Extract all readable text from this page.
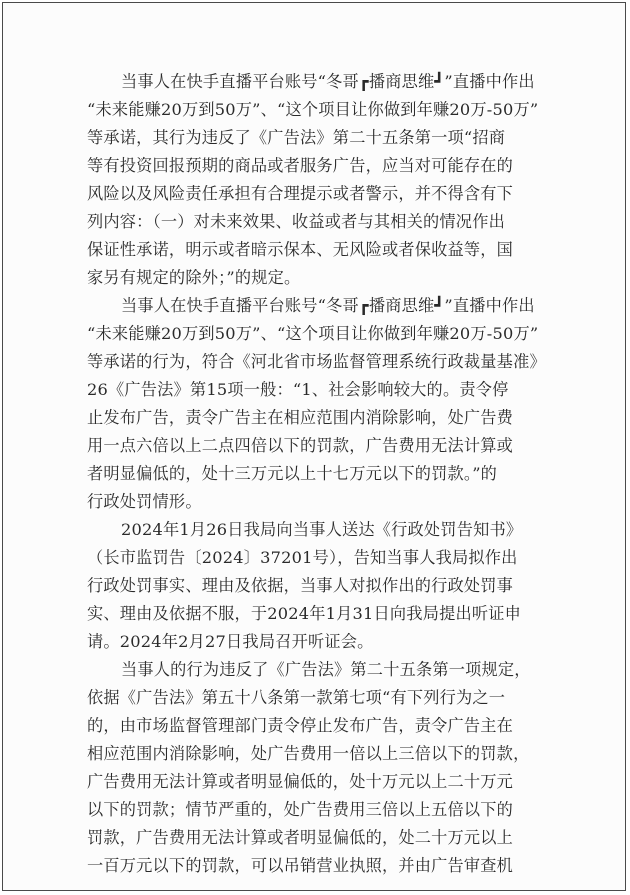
当事人在快手直播平台账号“冬哥┏播商思维┛”直播中作出
“未来能赚20万到50万”、“这个项目让你做到年赚20万-50万”
等承诺，其行为违反了《广告法》第二十五条第一项“招商
等有投资回报预期的商品或者服务广告，应当对可能存在的
风险以及风险责任承担有合理提示或者警示，并不得含有下
列内容：（一）对未来效果、收益或者与其相关的情况作出
保证性承诺，明示或者暗示保本、无风险或者保收益等，国
家另有规定的除外；”的规定。
当事人在快手直播平台账号“冬哥┏播商思维┛”直播中作出
“未来能赚20万到50万”、“这个项目让你做到年赚20万-50万”
等承诺的行为，符合《河北省市场监督管理系统行政裁量基准》
26《广告法》第15项一般：“1、社会影响较大的。责令停
止发布广告，责令广告主在相应范围内消除影响，处广告费
用一点六倍以上二点四倍以下的罚款，广告费用无法计算或
者明显偏低的，处十三万元以上十七万元以下的罚款。”的
行政处罚情形。
2024年1月26日我局向当事人送达《行政处罚告知书》
（长市监罚告〔2024〕37201号），告知当事人我局拟作出
行政处罚事实、理由及依据，当事人对拟作出的行政处罚事
实、理由及依据不服，于2024年1月31日向我局提出听证申
请。2024年2月27日我局召开听证会。
当事人的行为违反了《广告法》第二十五条第一项规定，
依据《广告法》第五十八条第一款第七项“有下列行为之一
的，由市场监督管理部门责令停止发布广告，责令广告主在
相应范围内消除影响，处广告费用一倍以上三倍以下的罚款，
广告费用无法计算或者明显偏低的，处十万元以上二十万元
以下的罚款；情节严重的，处广告费用三倍以上五倍以下的
罚款，广告费用无法计算或者明显偏低的，处二十万元以上
一百万元以下的罚款，可以吊销营业执照，并由广告审查机
